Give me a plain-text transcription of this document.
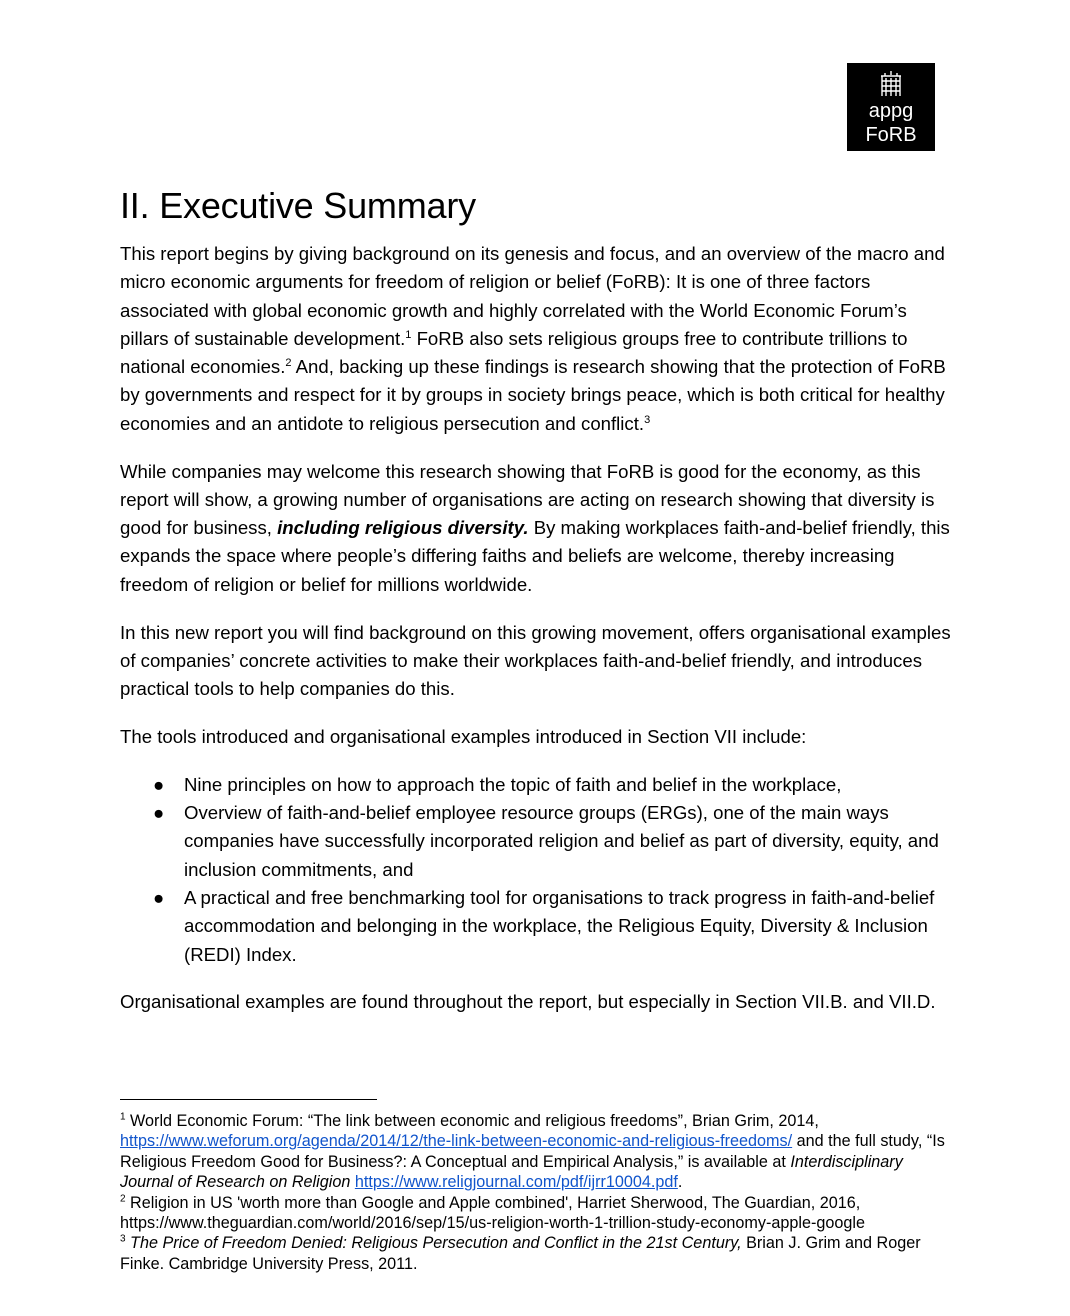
appg
FoRB
II. Executive Summary

This report begins by giving background on its genesis and focus, and an overview of the macro and micro economic arguments for freedom of religion or belief (FoRB): It is one of three factors associated with global economic growth and highly correlated with the World Economic Forum’s pillars of sustainable development.$^1$ FoRB also sets religious groups free to contribute trillions to national economies.$^2$ And, backing up these findings is research showing that the protection of FoRB by governments and respect for it by groups in society brings peace, which is both critical for healthy economies and an antidote to religious persecution and conflict.$^3$

While companies may welcome this research showing that FoRB is good for the economy, as this report will show, a growing number of organisations are acting on research showing that diversity is good for business, including religious diversity. By making workplaces faith-and-belief friendly, this expands the space where people’s differing faiths and beliefs are welcome, thereby increasing freedom of religion or belief for millions worldwide.

In this new report you will find background on this growing movement, offers organisational examples of companies’ concrete activities to make their workplaces faith-and-belief friendly, and introduces practical tools to help companies do this.

The tools introduced and organisational examples introduced in Section VII include:

● Nine principles on how to approach the topic of faith and belief in the workplace,
● Overview of faith-and-belief employee resource groups (ERGs), one of the main ways companies have successfully incorporated religion and belief as part of diversity, equity, and inclusion commitments, and
● A practical and free benchmarking tool for organisations to track progress in faith-and-belief accommodation and belonging in the workplace, the Religious Equity, Diversity & Inclusion (REDI) Index.

Organisational examples are found throughout the report, but especially in Section VII.B. and VII.D.

$^1$ World Economic Forum: “The link between economic and religious freedoms”, Brian Grim, 2014, https://www.weforum.org/agenda/2014/12/the-link-between-economic-and-religious-freedoms/ and the full study, “Is Religious Freedom Good for Business?: A Conceptual and Empirical Analysis,” is available at Interdisciplinary Journal of Research on Religion https://www.religjournal.com/pdf/ijrr10004.pdf.
$^2$ Religion in US 'worth more than Google and Apple combined', Harriet Sherwood, The Guardian, 2016, https://www.theguardian.com/world/2016/sep/15/us-religion-worth-1-trillion-study-economy-apple-google
$^3$ The Price of Freedom Denied: Religious Persecution and Conflict in the 21st Century, Brian J. Grim and Roger Finke. Cambridge University Press, 2011.
